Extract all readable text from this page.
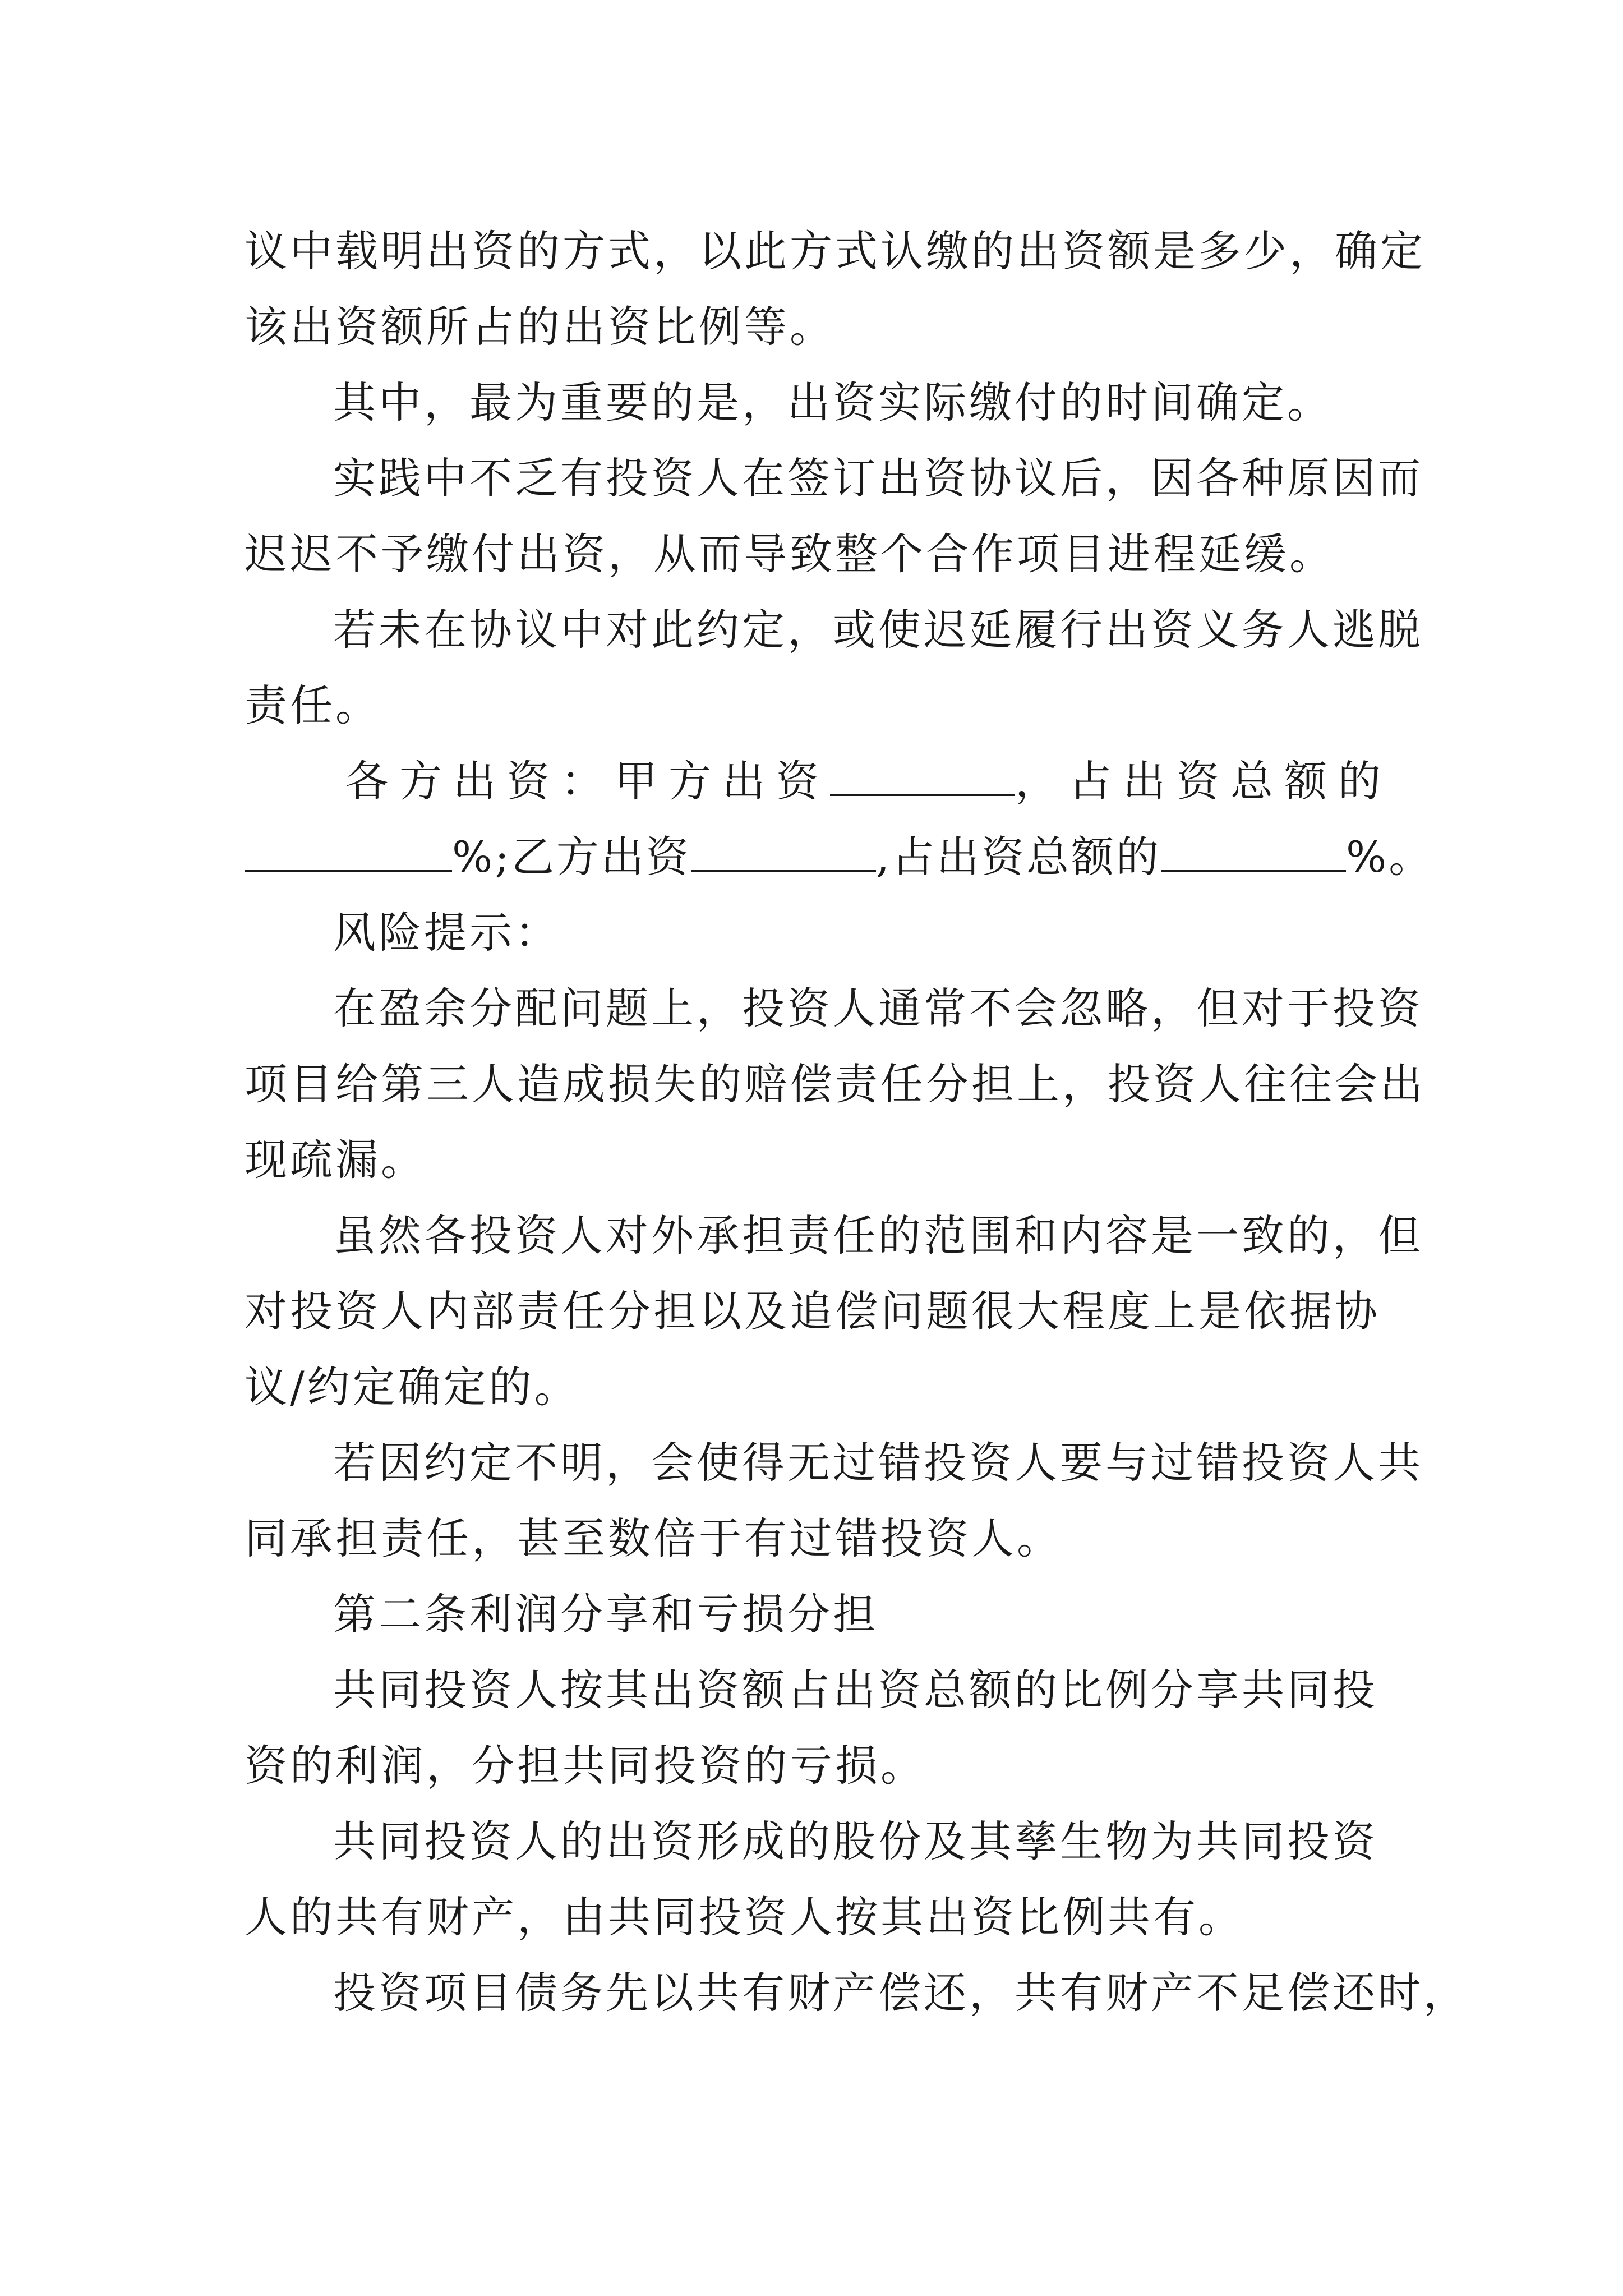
议中载明出资的方式，以此方式认缴的出资额是多少，确定
该出资额所占的出资比例等。
其中，最为重要的是，出资实际缴付的时间确定。
实践中不乏有投资人在签订出资协议后，因各种原因而
迟迟不予缴付出资，从而导致整个合作项目进程延缓。
若未在协议中对此约定，或使迟延履行出资义务人逃脱
责任。
各方出资：甲方出资	，占出资总额的
%;乙方出资	,占出资总额的	%。
风险提示：
在盈余分配问题上，投资人通常不会忽略，但对于投资
项目给第三人造成损失的赔偿责任分担上，投资人往往会出
现疏漏。
虽然各投资人对外承担责任的范围和内容是一致的，但
对投资人内部责任分担以及追偿问题很大程度上是依据协
议/约定确定的。
若因约定不明，会使得无过错投资人要与过错投资人共
同承担责任，甚至数倍于有过错投资人。
第二条利润分享和亏损分担
共同投资人按其出资额占出资总额的比例分享共同投
资的利润，分担共同投资的亏损。
共同投资人的出资形成的股份及其孳生物为共同投资
人的共有财产，由共同投资人按其出资比例共有。
投资项目债务先以共有财产偿还，共有财产不足偿还时，
